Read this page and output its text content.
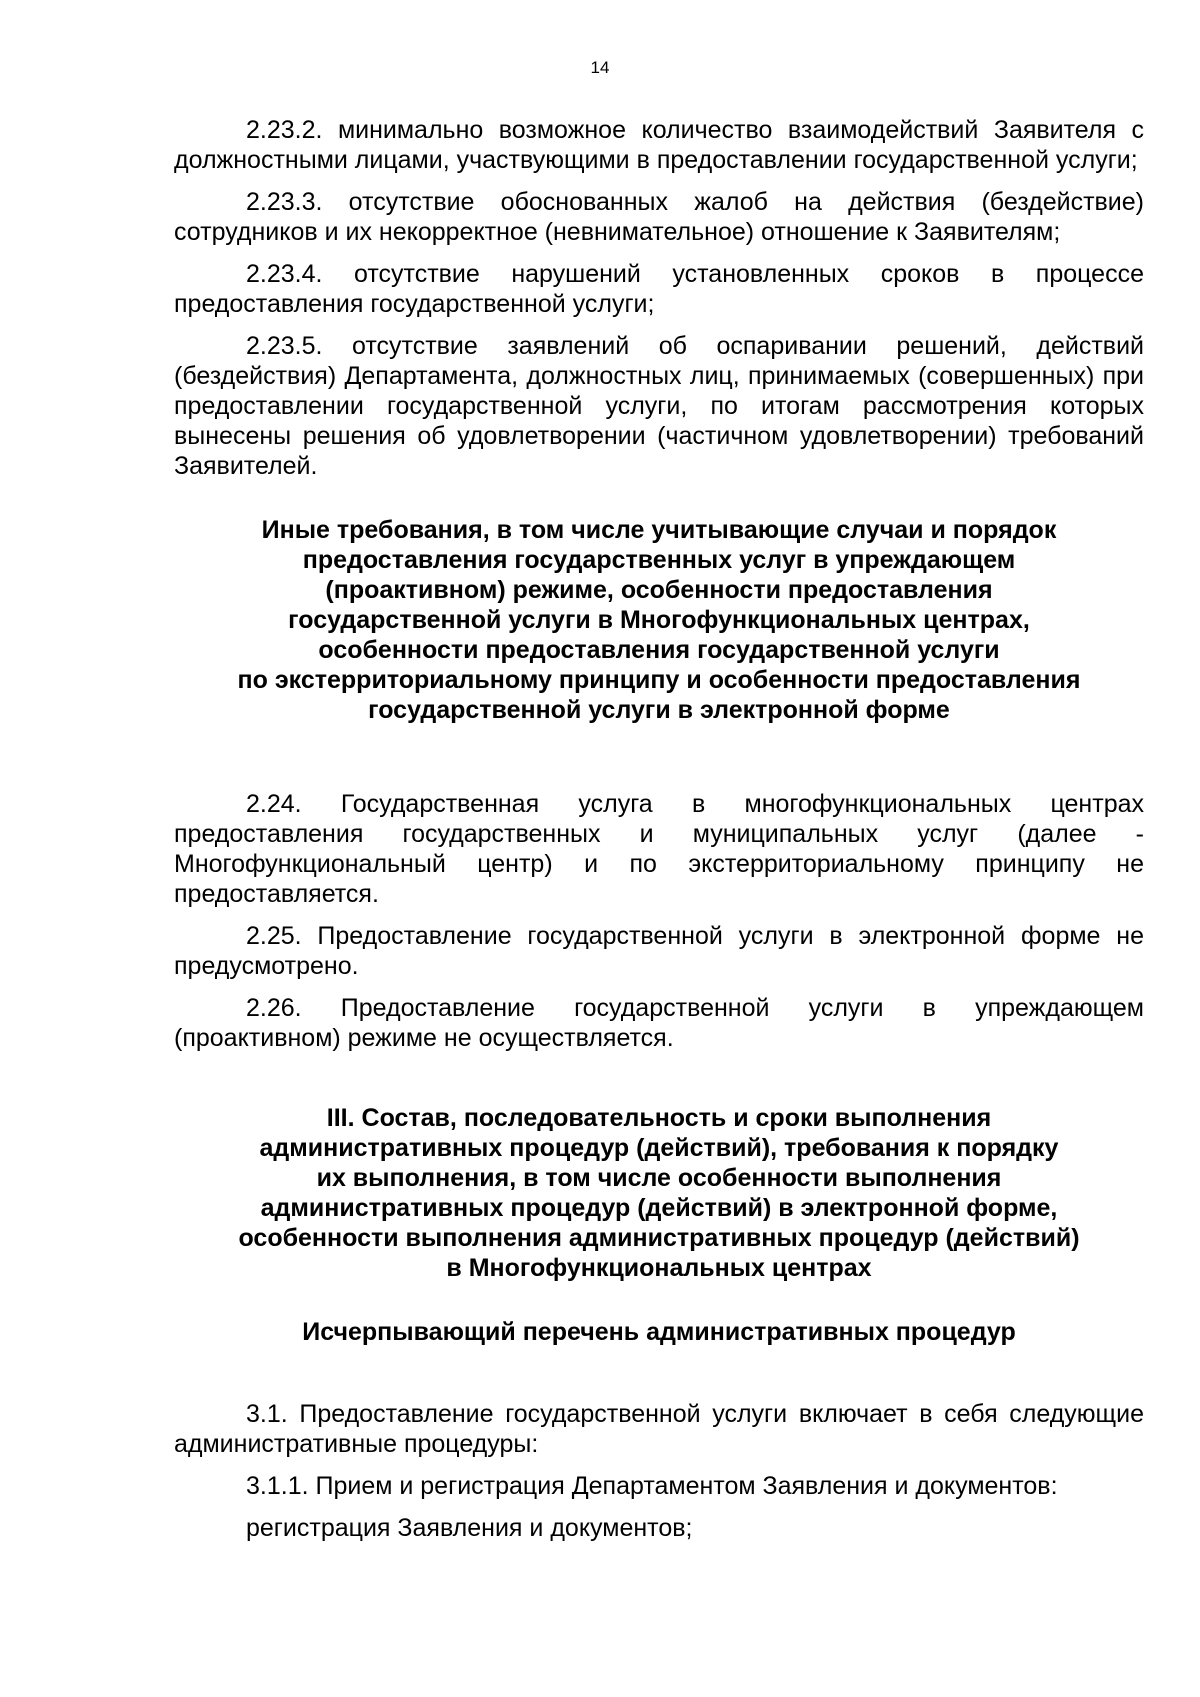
14

2.23.2. минимально возможное количество взаимодействий Заявителя с должностными лицами, участвующими в предоставлении государственной услуги;

2.23.3. отсутствие обоснованных жалоб на действия (бездействие) сотрудников и их некорректное (невнимательное) отношение к Заявителям;

2.23.4. отсутствие нарушений установленных сроков в процессе предоставления государственной услуги;

2.23.5. отсутствие заявлений об оспаривании решений, действий (бездействия) Департамента, должностных лиц, принимаемых (совершенных) при предоставлении государственной услуги, по итогам рассмотрения которых вынесены решения об удовлетворении (частичном удовлетворении) требований Заявителей.

Иные требования, в том числе учитывающие случаи и порядок
предоставления государственных услуг в упреждающем
(проактивном) режиме, особенности предоставления
государственной услуги в Многофункциональных центрах,
особенности предоставления государственной услуги
по экстерриториальному принципу и особенности предоставления
государственной услуги в электронной форме

2.24. Государственная услуга в многофункциональных центрах предоставления государственных и муниципальных услуг (далее - Многофункциональный центр) и по экстерриториальному принципу не предоставляется.

2.25. Предоставление государственной услуги в электронной форме не предусмотрено.

2.26. Предоставление государственной услуги в упреждающем (проактивном) режиме не осуществляется.

III. Состав, последовательность и сроки выполнения
административных процедур (действий), требования к порядку
их выполнения, в том числе особенности выполнения
административных процедур (действий) в электронной форме,
особенности выполнения административных процедур (действий)
в Многофункциональных центрах
Исчерпывающий перечень административных процедур

3.1. Предоставление государственной услуги включает в себя следующие административные процедуры:

3.1.1. Прием и регистрация Департаментом Заявления и документов:

регистрация Заявления и документов;
